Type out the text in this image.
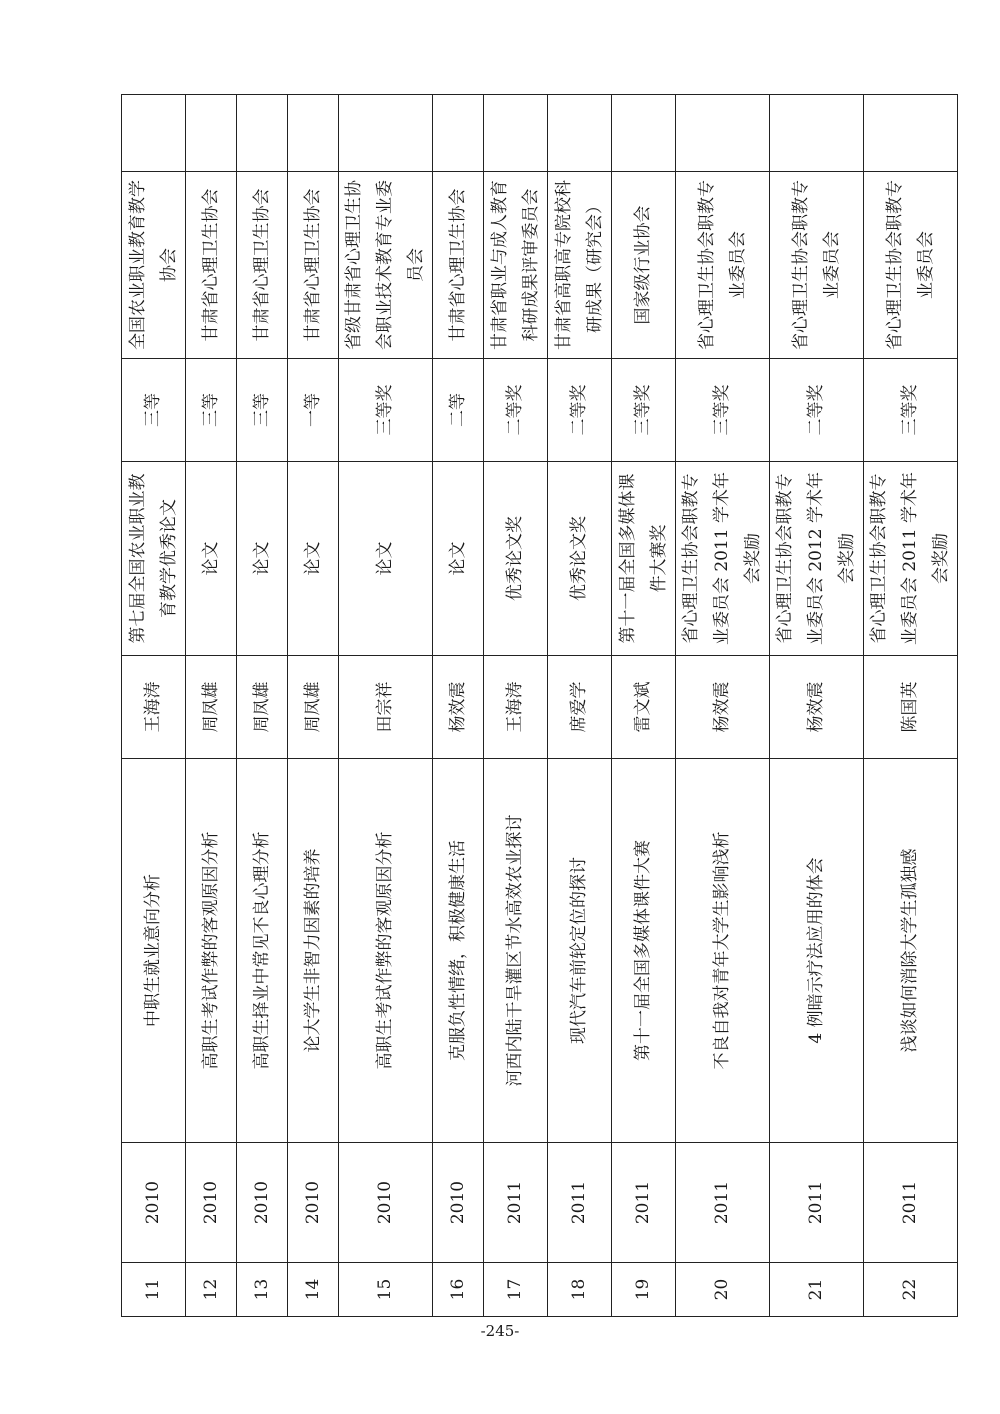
11	2010	中职生就业意向分析	王海涛	第七届全国农业职业教育教学优秀论文	三等	全国农业职业教育教学协会	
12	2010	高职生考试作弊的客观原因分析	周凤雄	论文	三等	甘肃省心理卫生协会	
13	2010	高职生择业中常见不良心理分析	周凤雄	论文	三等	甘肃省心理卫生协会	
14	2010	论大学生非智力因素的培养	周凤雄	论文	一等	甘肃省心理卫生协会	
15	2010	高职生考试作弊的客观原因分析	田宗祥	论文	三等奖	省级甘肃省心理卫生协会职业技术教育专业委员会	
16	2010	克服负性情绪，积极健康生活	杨效震	论文	二等	甘肃省心理卫生协会	
17	2011	河西内陆干旱灌区节水高效农业探讨	王海涛	优秀论文奖	二等奖	甘肃省职业与成人教育科研成果评审委员会	
18	2011	现代汽车前轮定位的探讨	席爱学	优秀论文奖	二等奖	甘肃省高职高专院校科研成果（研究会）	
19	2011	第十一届全国多媒体课件大赛	雷文斌	第十一届全国多媒体课件大赛奖	三等奖	国家级行业协会	
20	2011	不良自我对青年大学生影响浅析	杨效震	省心理卫生协会职教专业委员会 2011 学术年会奖励	三等奖	省心理卫生协会职教专业委员会	
21	2011	4 例暗示疗法应用的体会	杨效震	省心理卫生协会职教专业委员会 2012 学术年会奖励	二等奖	省心理卫生协会职教专业委员会	
22	2011	浅谈如何消除大学生孤独感	陈国英	省心理卫生协会职教专业委员会 2011 学术年会奖励	三等奖	省心理卫生协会职教专业委员会	
-245-
